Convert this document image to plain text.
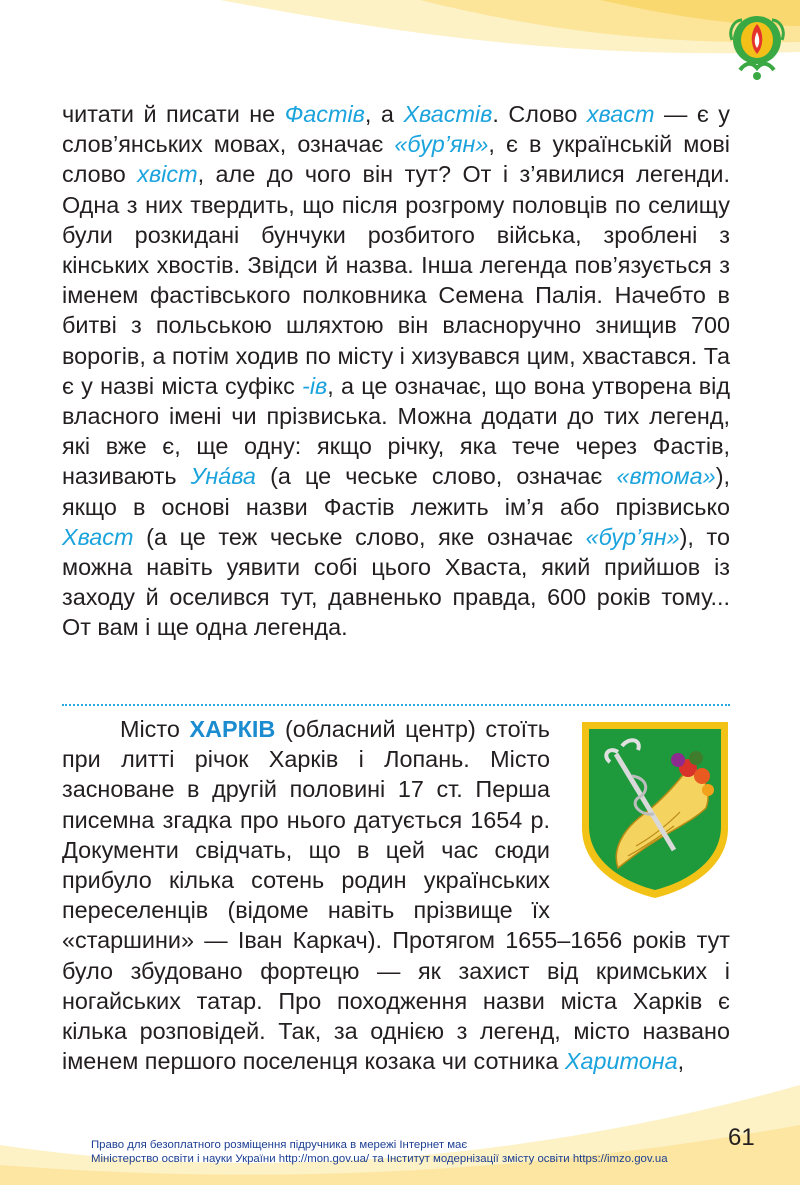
читати й писати не Фастів, а Хвастів. Слово хваст — є у слов’янських мовах, означає «бур’ян», є в українській мові слово хвіст, але до чого він тут? От і з’явилися легенди. Одна з них твердить, що після розгрому половців по селищу були розкидані бунчуки розбитого війська, зроблені з кінських хвостів. Звідси й назва. Інша легенда пов’язується з іменем фастівського полковника Семена Палія. Начебто в битві з польською шляхтою він власноручно знищив 700 ворогів, а потім ходив по місту і хизувався цим, хвастався. Та є у назві міста суфікс -ів, а це означає, що вона утворена від власного імені чи прізвиська. Можна додати до тих легенд, які вже є, ще одну: якщо річку, яка тече через Фастів, називають Уна́ва (а це чеське слово, означає «втома»), якщо в основі назви Фастів лежить ім’я або прізвисько Хваст (а це теж чеське слово, яке означає «бур’ян»), то можна навіть уявити собі цього Хваста, який прийшов із заходу й оселився тут, давненько правда, 600 років тому... От вам і ще одна легенда.

Місто ХАРКІВ (обласний центр) стоїть при литті річок Харків і Лопань. Місто засноване в другій половині 17 ст. Перша писемна згадка про нього датується 1654 р. Документи свідчать, що в цей час сюди прибуло кілька сотень родин українських переселенців (відоме навіть прізвище їх «старшини» — Іван Каркач). Протягом 1655–1656 років тут було збудовано фортецю — як захист від кримських і ногайських татар. Про походження назви міста Харків є кілька розповідей. Так, за однією з легенд, місто названо іменем першого поселенця козака чи сотника Харитона,

61
Право для безоплатного розміщення підручника в мережі Інтернет має
Міністерство освіти і науки України http://mon.gov.ua/ та Інститут модернізації змісту освіти https://imzo.gov.ua
